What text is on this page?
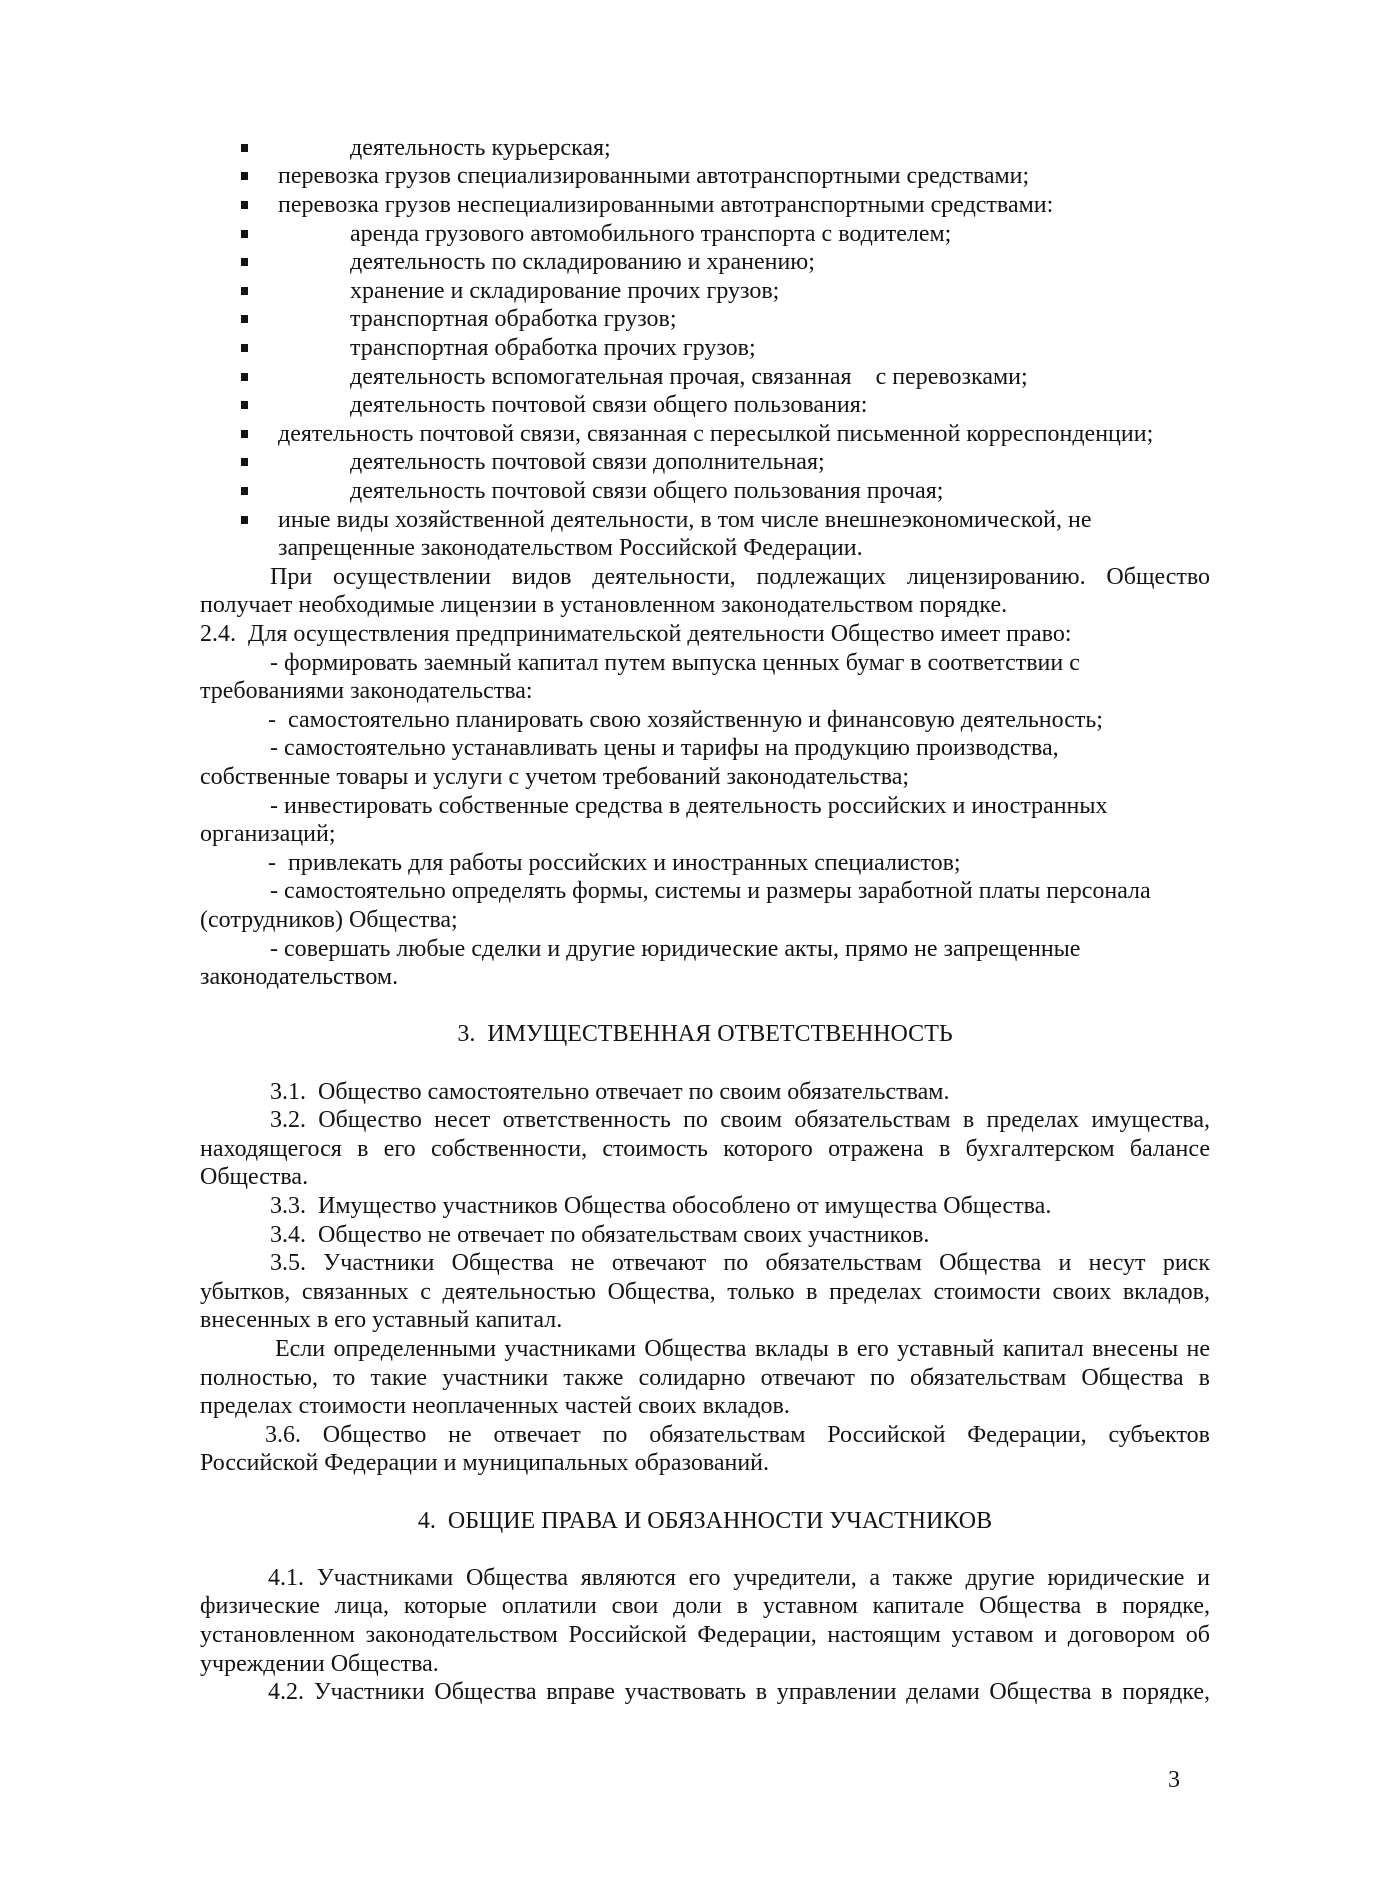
деятельность курьерская;
перевозка грузов специализированными автотранспортными средствами;
перевозка грузов неспециализированными автотранспортными средствами:
аренда грузового автомобильного транспорта с водителем;
деятельность по складированию и хранению;
хранение и складирование прочих грузов;
транспортная обработка грузов;
транспортная обработка прочих грузов;
деятельность вспомогательная прочая, связанная    с перевозками;
деятельность почтовой связи общего пользования:
деятельность почтовой связи, связанная с пересылкой письменной корреспонденции;
деятельность почтовой связи дополнительная;
деятельность почтовой связи общего пользования прочая;
иные виды хозяйственной деятельности, в том числе внешнеэкономической, не
запрещенные законодательством Российской Федерации.
При осуществлении видов деятельности, подлежащих лицензированию. Общество
получает необходимые лицензии в установленном законодательством порядке.
2.4.  Для осуществления предпринимательской деятельности Общество имеет право:
- формировать заемный капитал путем выпуска ценных бумаг в соответствии с
требованиями законодательства:
-  самостоятельно планировать свою хозяйственную и финансовую деятельность;
- самостоятельно устанавливать цены и тарифы на продукцию производства,
собственные товары и услуги с учетом требований законодательства;
- инвестировать собственные средства в деятельность российских и иностранных
организаций;
-  привлекать для работы российских и иностранных специалистов;
- самостоятельно определять формы, системы и размеры заработной платы персонала
(сотрудников) Общества;
- совершать любые сделки и другие юридические акты, прямо не запрещенные
законодательством.
3.  ИМУЩЕСТВЕННАЯ ОТВЕТСТВЕННОСТЬ
3.1.  Общество самостоятельно отвечает по своим обязательствам.
3.2. Общество несет ответственность по своим обязательствам в пределах имущества,
находящегося в его собственности, стоимость которого отражена в бухгалтерском балансе
Общества.
3.3.  Имущество участников Общества обособлено от имущества Общества.
3.4.  Общество не отвечает по обязательствам своих участников.
3.5. Участники Общества не отвечают по обязательствам Общества и несут риск
убытков, связанных с деятельностью Общества, только в пределах стоимости своих вкладов,
внесенных в его уставный капитал.
Если определенными участниками Общества вклады в его уставный капитал внесены не
полностью, то такие участники также солидарно отвечают по обязательствам Общества в
пределах стоимости неоплаченных частей своих вкладов.
3.6. Общество не отвечает по обязательствам Российской Федерации, субъектов
Российской Федерации и муниципальных образований.
4.  ОБЩИЕ ПРАВА И ОБЯЗАННОСТИ УЧАСТНИКОВ
4.1. Участниками Общества являются его учредители, а также другие юридические и
физические лица, которые оплатили свои доли в уставном капитале Общества в порядке,
установленном законодательством Российской Федерации, настоящим уставом и договором об
учреждении Общества.
4.2. Участники Общества вправе участвовать в управлении делами Общества в порядке,
3
